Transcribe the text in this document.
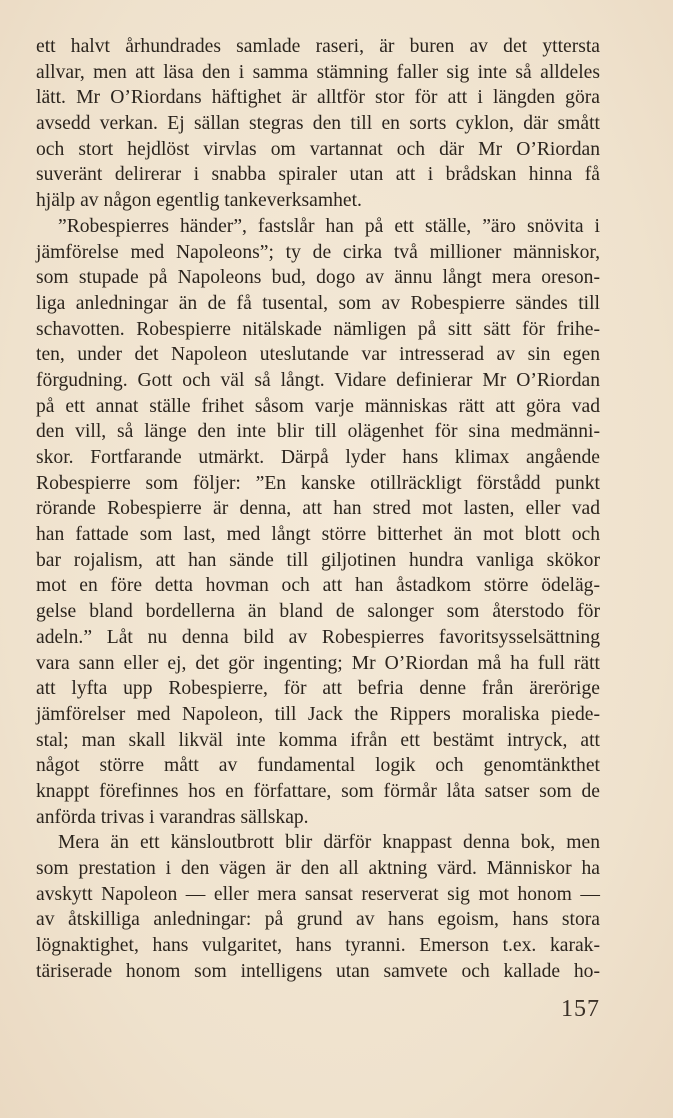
ett halvt århundrades samlade raseri, är buren av det yttersta
allvar, men att läsa den i samma stämning faller sig inte så alldeles
lätt. Mr O’Riordans häftighet är alltför stor för att i längden göra
avsedd verkan. Ej sällan stegras den till en sorts cyklon, där smått
och stort hejdlöst virvlas om vartannat och där Mr O’Riordan
suveränt delirerar i snabba spiraler utan att i brådskan hinna få
hjälp av någon egentlig tankeverksamhet.
”Robespierres händer”, fastslår han på ett ställe, ”äro snövita i
jämförelse med Napoleons”; ty de cirka två millioner människor,
som stupade på Napoleons bud, dogo av ännu långt mera oreson-
liga anledningar än de få tusental, som av Robespierre sändes till
schavotten. Robespierre nitälskade nämligen på sitt sätt för frihe-
ten, under det Napoleon uteslutande var intresserad av sin egen
förgudning. Gott och väl så långt. Vidare definierar Mr O’Riordan
på ett annat ställe frihet såsom varje människas rätt att göra vad
den vill, så länge den inte blir till olägenhet för sina medmänni-
skor. Fortfarande utmärkt. Därpå lyder hans klimax angående
Robespierre som följer: ”En kanske otillräckligt förstådd punkt
rörande Robespierre är denna, att han stred mot lasten, eller vad
han fattade som last, med långt större bitterhet än mot blott och
bar rojalism, att han sände till giljotinen hundra vanliga skökor
mot en före detta hovman och att han åstadkom större ödeläg-
gelse bland bordellerna än bland de salonger som återstodo för
adeln.” Låt nu denna bild av Robespierres favoritsysselsättning
vara sann eller ej, det gör ingenting; Mr O’Riordan må ha full rätt
att lyfta upp Robespierre, för att befria denne från ärerörige
jämförelser med Napoleon, till Jack the Rippers moraliska piede-
stal; man skall likväl inte komma ifrån ett bestämt intryck, att
något större mått av fundamental logik och genomtänkthet
knappt förefinnes hos en författare, som förmår låta satser som de
anförda trivas i varandras sällskap.
Mera än ett känsloutbrott blir därför knappast denna bok, men
som prestation i den vägen är den all aktning värd. Människor ha
avskytt Napoleon — eller mera sansat reserverat sig mot honom —
av åtskilliga anledningar: på grund av hans egoism, hans stora
lögnaktighet, hans vulgaritet, hans tyranni. Emerson t.ex. karak-
täriserade honom som intelligens utan samvete och kallade ho-
157
